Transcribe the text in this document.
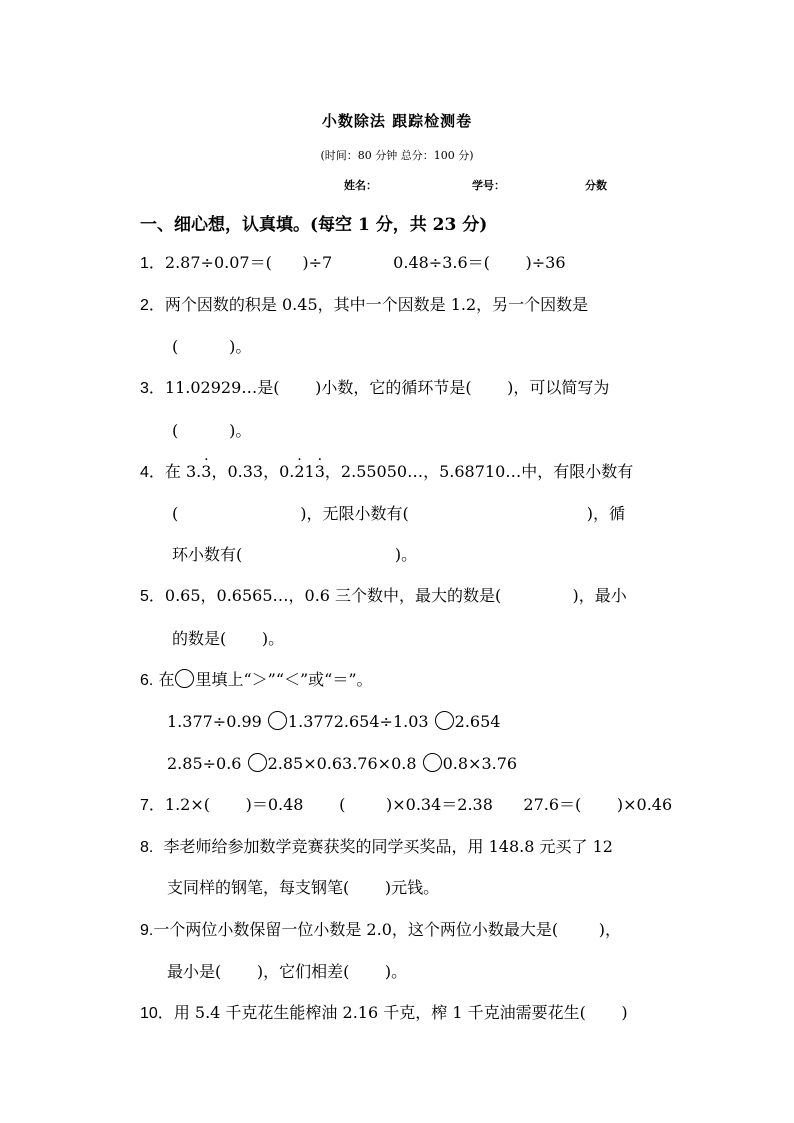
小数除法 跟踪检测卷
(时间：80 分钟 总分：100 分)
姓名：	学号：	分数
一、细心想，认真填。(每空 1 分，共 23 分)
1．2.87÷0.07＝(      )÷7            0.48÷3.6＝(       )÷36
2．两个因数的积是 0.45，其中一个因数是 1.2，另一个因数是
(          )。
3．11.02929…是(       )小数，它的循环节是(       )，可以简写为
(          )。
4．在 3.3 ·，0.33，0.2 ·13 ·，2.55050…，5.68710…中，有限小数有
(                        )，无限小数有(                                   )，循
环小数有(                              )。
5．0.65，0.6565…，0.6 三个数中，最大的数是(              )，最小
的数是(       )。
6. 在 里填上“＞”“＜”或“＝”。
1.377÷0.99 1.3772.654÷1.03 2.654
2.85÷0.6 2.85×0.63.76×0.8 0.8×3.76
7．1.2×(       )＝0.48       (        )×0.34＝2.38      27.6＝(       )×0.46
8. 李老师给参加数学竞赛获奖的同学买奖品，用 148.8 元买了 12
支同样的钢笔，每支钢笔(       )元钱。
9.一个两位小数保留一位小数是 2.0，这个两位小数最大是(        )，
最小是(       )，它们相差(       )。
10．用 5.4 千克花生能榨油 2.16 千克，榨 1 千克油需要花生(       )
